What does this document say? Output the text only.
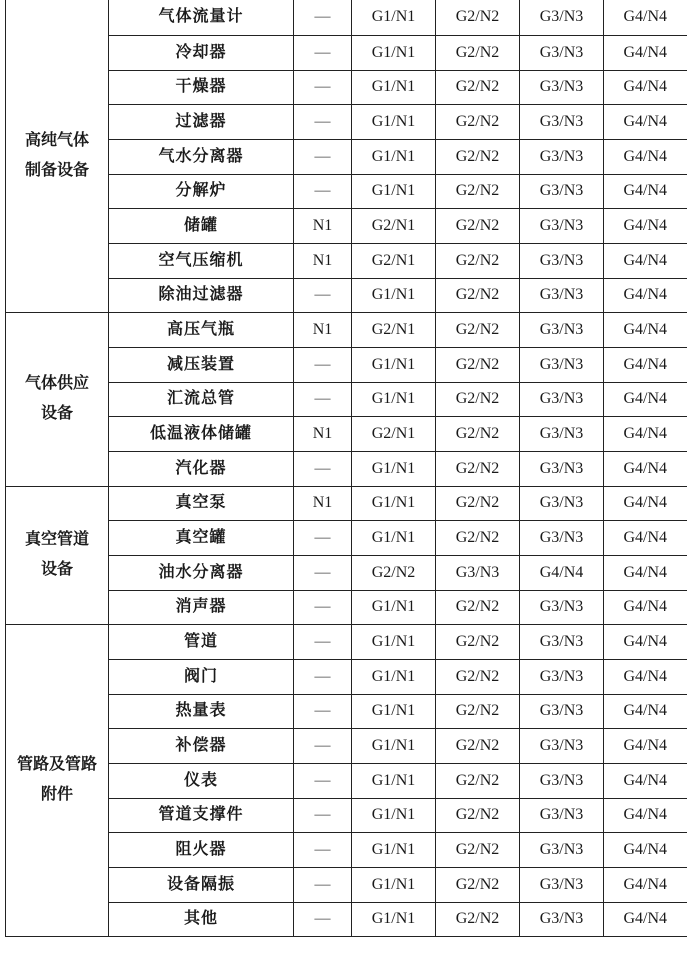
高纯气体
制备设备	气体流量计	—	G1/N1	G2/N2	G3/N3	G4/N4
	冷却器	—	G1/N1	G2/N2	G3/N3	G4/N4
	干燥器	—	G1/N1	G2/N2	G3/N3	G4/N4
	过滤器	—	G1/N1	G2/N2	G3/N3	G4/N4
	气水分离器	—	G1/N1	G2/N2	G3/N3	G4/N4
	分解炉	—	G1/N1	G2/N2	G3/N3	G4/N4
	储罐	N1	G2/N1	G2/N2	G3/N3	G4/N4
	空气压缩机	N1	G2/N1	G2/N2	G3/N3	G4/N4
	除油过滤器	—	G1/N1	G2/N2	G3/N3	G4/N4

气体供应
设备	高压气瓶	N1	G2/N1	G2/N2	G3/N3	G4/N4
	减压装置	—	G1/N1	G2/N2	G3/N3	G4/N4
	汇流总管	—	G1/N1	G2/N2	G3/N3	G4/N4
	低温液体储罐	N1	G2/N1	G2/N2	G3/N3	G4/N4
	汽化器	—	G1/N1	G2/N2	G3/N3	G4/N4

真空管道
设备	真空泵	N1	G1/N1	G2/N2	G3/N3	G4/N4
	真空罐	—	G1/N1	G2/N2	G3/N3	G4/N4
	油水分离器	—	G2/N2	G3/N3	G4/N4	G4/N4
	消声器	—	G1/N1	G2/N2	G3/N3	G4/N4

管路及管路
附件	管道	—	G1/N1	G2/N2	G3/N3	G4/N4
	阀门	—	G1/N1	G2/N2	G3/N3	G4/N4
	热量表	—	G1/N1	G2/N2	G3/N3	G4/N4
	补偿器	—	G1/N1	G2/N2	G3/N3	G4/N4
	仪表	—	G1/N1	G2/N2	G3/N3	G4/N4
	管道支撑件	—	G1/N1	G2/N2	G3/N3	G4/N4
	阻火器	—	G1/N1	G2/N2	G3/N3	G4/N4
	设备隔振	—	G1/N1	G2/N2	G3/N3	G4/N4
	其他	—	G1/N1	G2/N2	G3/N3	G4/N4
